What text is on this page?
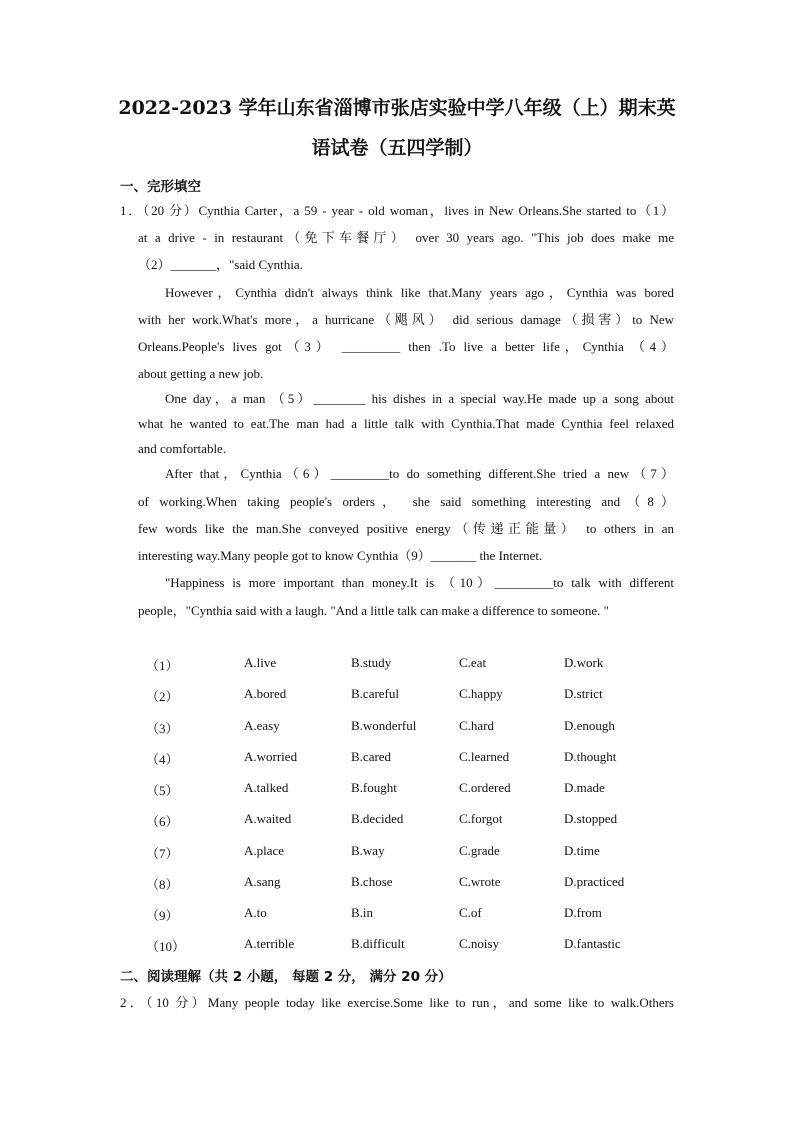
2022-2023 学年山东省淄博市张店实验中学八年级（上）期末英
语试卷（五四学制）
一、完形填空
1．（20 分）Cynthia Carter，a 59 - year - old woman，lives in New Orleans.She started to（1）
at a drive - in restaurant（免下车餐厅） over 30 years ago. "This job does make me
（2）_______，"said Cynthia.
However，Cynthia didn't always think like that.Many years ago，Cynthia was bored
with her work.What's more，a hurricane（飓风） did serious damage（损害）to New
Orleans.People's lives got（3） _________ then .To live a better life，Cynthia （4）
about getting a new job.
One day，a man （5）________ his dishes in a special way.He made up a song about
what he wanted to eat.The man had a little talk with Cynthia.That made Cynthia feel relaxed
and comfortable.
After that，Cynthia（6）_________to do something different.She tried a new（7）
of working.When taking people's orders， she said something interesting and（8）
few words like the man.She conveyed positive energy（传递正能量） to others in an
interesting way.Many people got to know Cynthia（9）_______ the Internet.
"Happiness is more important than money.It is （10）_________to talk with different
people，"Cynthia said with a laugh. "And a little talk can make a difference to someone. "
（1）	A.live	B.study	C.eat	D.work
（2）	A.bored	B.careful	C.happy	D.strict
（3）	A.easy	B.wonderful	C.hard	D.enough
（4）	A.worried	B.cared	C.learned	D.thought
（5）	A.talked	B.fought	C.ordered	D.made
（6）	A.waited	B.decided	C.forgot	D.stopped
（7）	A.place	B.way	C.grade	D.time
（8）	A.sang	B.chose	C.wrote	D.practiced
（9）	A.to	B.in	C.of	D.from
（10）	A.terrible	B.difficult	C.noisy	D.fantastic
二、阅读理解（共 2 小题， 每题 2 分， 满分 20 分）
2．（10 分）Many people today like exercise.Some like to run，and some like to walk.Others
